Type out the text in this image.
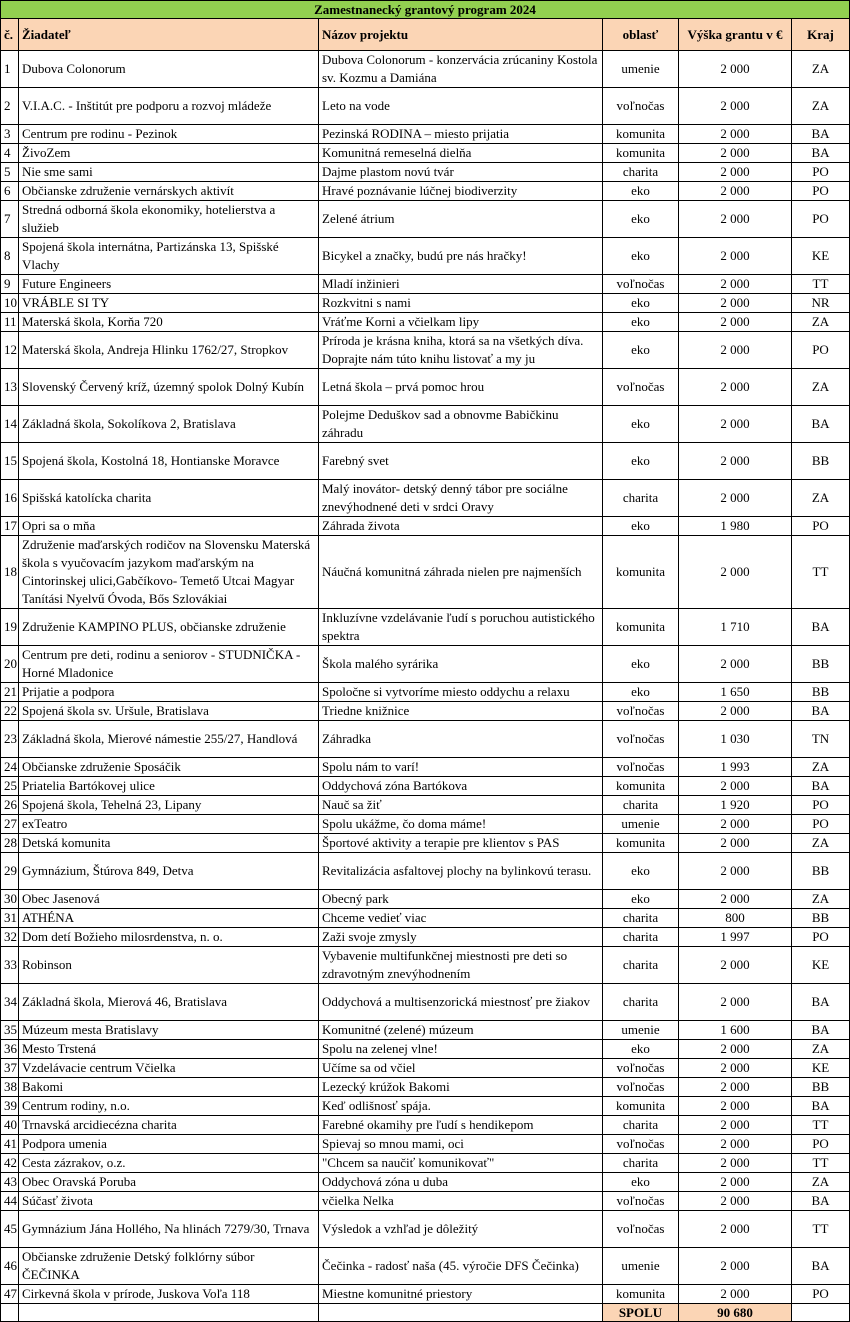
Zamestnanecký grantový program 2024					
č.	Žiadateľ	Názov projektu	oblasť	Výška grantu v €	Kraj
1	Dubova Colonorum	Dubova Colonorum - konzervácia zrúcaniny Kostola sv. Kozmu a Damiána	umenie	2 000	ZA
2	V.I.A.C. - Inštitút pre podporu a rozvoj mládeže	Leto na vode	voľnočas	2 000	ZA
3	Centrum pre rodinu - Pezinok	Pezinská RODINA – miesto prijatia	komunita	2 000	BA
4	ŽivoZem	Komunitná remeselná dielňa	komunita	2 000	BA
5	Nie sme sami	Dajme plastom novú tvár	charita	2 000	PO
6	Občianske združenie vernárskych aktivít	Hravé poznávanie lúčnej biodiverzity	eko	2 000	PO
7	Stredná odborná škola ekonomiky, hotelierstva a služieb	Zelené átrium	eko	2 000	PO
8	Spojená škola internátna, Partizánska 13, Spišské Vlachy	Bicykel a značky, budú pre nás hračky!	eko	2 000	KE
9	Future Engineers	Mladí inžinieri	voľnočas	2 000	TT
10	VRÁBLE SI TY	Rozkvitni s nami	eko	2 000	NR
11	Materská škola, Korňa 720	Vráťme Korni a včielkam lipy	eko	2 000	ZA
12	Materská škola, Andreja Hlinku 1762/27, Stropkov	Príroda je krásna kniha, ktorá sa na všetkých díva. Doprajte nám túto knihu listovať a my ju	eko	2 000	PO
13	Slovenský Červený kríž, územný spolok Dolný Kubín	Letná škola – prvá pomoc hrou	voľnočas	2 000	ZA
14	Základná škola, Sokolíkova 2, Bratislava	Polejme Deduškov sad a obnovme Babičkinu záhradu	eko	2 000	BA
15	Spojená škola, Kostolná 18, Hontianske Moravce	Farebný svet	eko	2 000	BB
16	Spišská katolícka charita	Malý inovátor- detský denný tábor pre sociálne znevýhodnené deti v srdci Oravy	charita	2 000	ZA
17	Opri sa o mňa	Záhrada života	eko	1 980	PO
18	Združenie maďarských rodičov na Slovensku Materská škola s vyučovacím jazykom maďarským na Cintorinskej ulici,Gabčíkovo- Temető Utcai Magyar Tanítási Nyelvű Óvoda, Bős Szlovákiai	Náučná komunitná záhrada nielen pre najmenších	komunita	2 000	TT
19	Združenie KAMPINO PLUS, občianske združenie	Inkluzívne vzdelávanie ľudí s poruchou autistického spektra	komunita	1 710	BA
20	Centrum pre deti, rodinu a seniorov - STUDNIČKA - Horné Mladonice	Škola malého syrárika	eko	2 000	BB
21	Prijatie a podpora	Spoločne si vytvoríme miesto oddychu a relaxu	eko	1 650	BB
22	Spojená škola sv. Uršule, Bratislava	Triedne knižnice	voľnočas	2 000	BA
23	Základná škola, Mierové námestie 255/27, Handlová	Záhradka	voľnočas	1 030	TN
24	Občianske združenie Sposáčik	Spolu nám to varí!	voľnočas	1 993	ZA
25	Priatelia Bartókovej ulice	Oddychová zóna Bartókova	komunita	2 000	BA
26	Spojená škola, Tehelná 23, Lipany	Nauč sa žiť	charita	1 920	PO
27	exTeatro	Spolu ukážme, čo doma máme!	umenie	2 000	PO
28	Detská komunita	Športové aktivity a terapie pre klientov s PAS	komunita	2 000	ZA
29	Gymnázium, Štúrova 849, Detva	Revitalizácia asfaltovej plochy na bylinkovú terasu.	eko	2 000	BB
30	Obec Jasenová	Obecný park	eko	2 000	ZA
31	ATHÉNA	Chceme vedieť viac	charita	800	BB
32	Dom detí Božieho milosrdenstva, n. o.	Zaži svoje zmysly	charita	1 997	PO
33	Robinson	Vybavenie multifunkčnej miestnosti pre deti so zdravotným znevýhodnením	charita	2 000	KE
34	Základná škola, Mierová 46, Bratislava	Oddychová a multisenzorická miestnosť pre žiakov	charita	2 000	BA
35	Múzeum mesta Bratislavy	Komunitné (zelené) múzeum	umenie	1 600	BA
36	Mesto Trstená	Spolu na zelenej vlne!	eko	2 000	ZA
37	Vzdelávacie centrum Včielka	Učíme sa od včiel	voľnočas	2 000	KE
38	Bakomi	Lezecký krúžok Bakomi	voľnočas	2 000	BB
39	Centrum rodiny, n.o.	Keď odlišnosť spája.	komunita	2 000	BA
40	Trnavská arcidiecézna charita	Farebné okamihy pre ľudí s hendikepom	charita	2 000	TT
41	Podpora umenia	Spievaj so mnou mami, oci	voľnočas	2 000	PO
42	Cesta zázrakov, o.z.	"Chcem sa naučiť komunikovať"	charita	2 000	TT
43	Obec Oravská Poruba	Oddychová zóna u duba	eko	2 000	ZA
44	Súčasť života	včielka Nelka	voľnočas	2 000	BA
45	Gymnázium Jána Hollého, Na hlinách 7279/30, Trnava	Výsledok a vzhľad je dôležitý	voľnočas	2 000	TT
46	Občianske združenie Detský folklórny súbor ČEČINKA	Čečinka - radosť naša (45. výročie DFS Čečinka)	umenie	2 000	BA
47	Cirkevná škola v prírode, Juskova Voľa 118	Miestne komunitné priestory	komunita	2 000	PO
			SPOLU	90 680	
